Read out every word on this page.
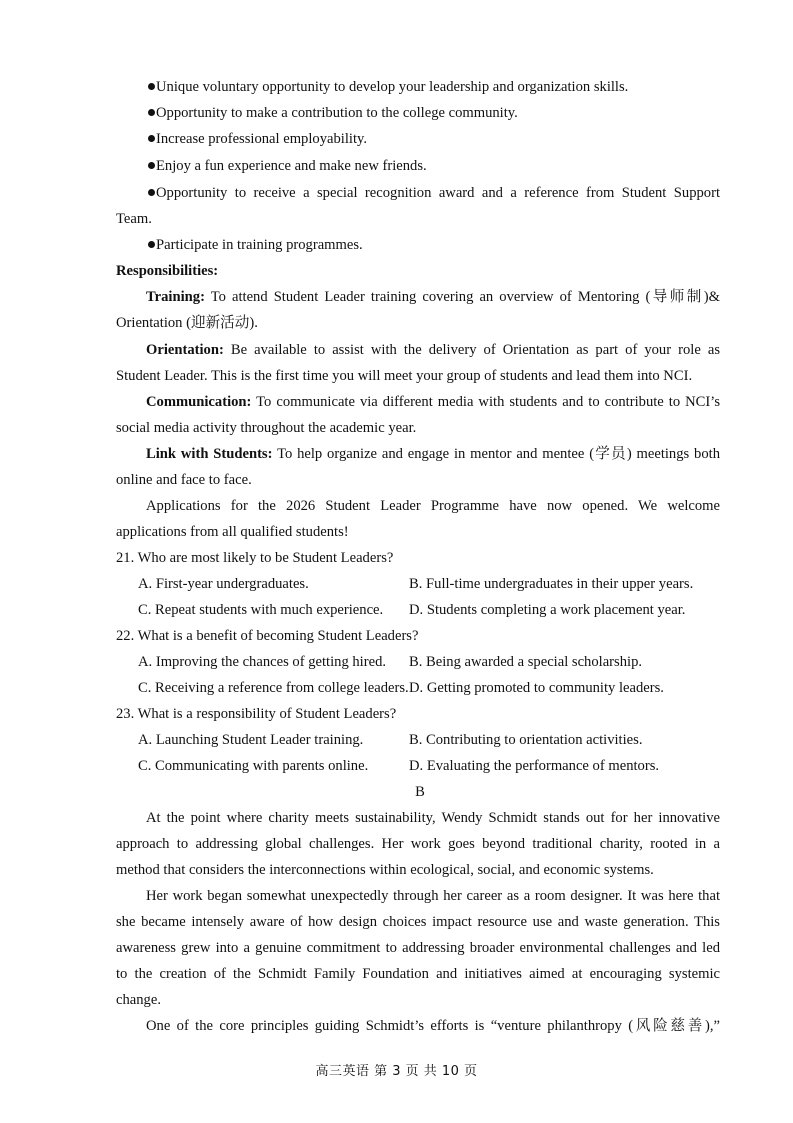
Unique voluntary opportunity to develop your leadership and organization skills.
Opportunity to make a contribution to the college community.
Increase professional employability.
Enjoy a fun experience and make new friends.
Opportunity to receive a special recognition award and a reference from Student Support
Team.
Participate in training programmes.
Responsibilities:
Training: To attend Student Leader training covering an overview of Mentoring (导师制)&
Orientation (迎新活动).
Orientation: Be available to assist with the delivery of Orientation as part of your role as
Student Leader. This is the first time you will meet your group of students and lead them into NCI.
Communication: To communicate via different media with students and to contribute to NCI’s
social media activity throughout the academic year.
Link with Students: To help organize and engage in mentor and mentee (学员) meetings both
online and face to face.
Applications for the 2026 Student Leader Programme have now opened. We welcome
applications from all qualified students!
21. Who are most likely to be Student Leaders?
A. First-year undergraduates.	B. Full-time undergraduates in their upper years.
C. Repeat students with much experience. D. Students completing a work placement year.
22. What is a benefit of becoming Student Leaders?
A. Improving the chances of getting hired. B. Being awarded a special scholarship.
C. Receiving a reference from college leaders. D. Getting promoted to community leaders.
23. What is a responsibility of Student Leaders?
A. Launching Student Leader training.	B. Contributing to orientation activities.
C. Communicating with parents online.	D. Evaluating the performance of mentors.
B
At the point where charity meets sustainability, Wendy Schmidt stands out for her innovative
approach to addressing global challenges. Her work goes beyond traditional charity, rooted in a
method that considers the interconnections within ecological, social, and economic systems.
Her work began somewhat unexpectedly through her career as a room designer. It was here that
she became intensely aware of how design choices impact resource use and waste generation. This
awareness grew into a genuine commitment to addressing broader environmental challenges and led
to the creation of the Schmidt Family Foundation and initiatives aimed at encouraging systemic
change.
One of the core principles guiding Schmidt’s efforts is “venture philanthropy (风险慈善),”
高三英语 第 3 页 共 10 页
